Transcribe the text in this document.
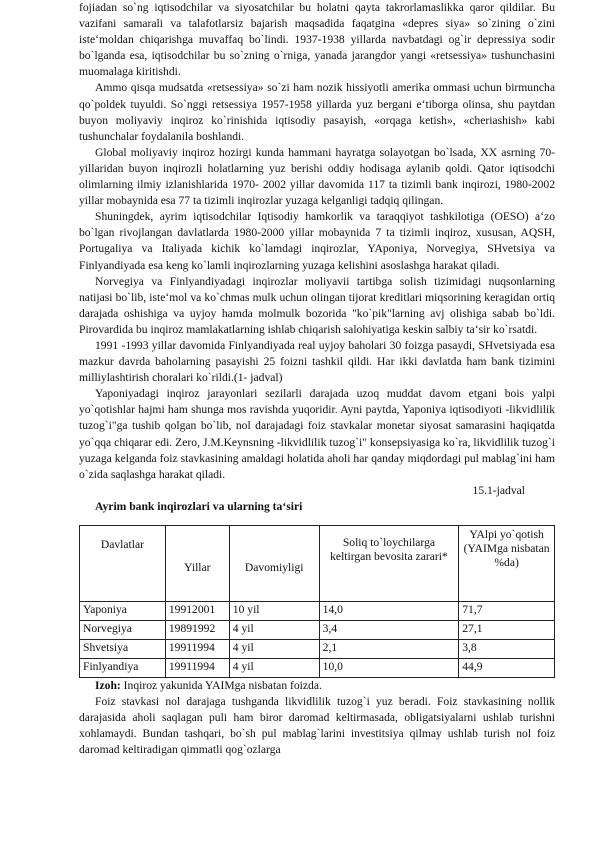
fojiadan so`ng iqtisodchilar va siyosatchilar bu holatni qayta takrorlamaslikka qaror qildilar. Bu vazifani samarali va talafotlarsiz bajarish maqsadida faqatgina «depres siya» so`zining o`zini iste‘moldan chiqarishga muvaffaq bo`lindi. 1937-1938 yillarda navbatdagi og`ir depressiya sodir bo`lganda esa, iqtisodchilar bu so`zning o`rniga, yanada jarangdor yangi «retsessiya» tushunchasini muomalaga kiritishdi.

Ammo qisqa mudsatda «retsessiya» so`zi ham nozik hissiyotli amerika ommasi uchun birmuncha qo`poldek tuyuldi. So`nggi retsessiya 1957-1958 yillarda yuz bergani e‘tiborga olinsa, shu paytdan buyon moliyaviy inqiroz ko`rinishida iqtisodiy pasayish, «orqaga ketish», «cheriashish» kabi tushunchalar foydalanila boshlandi.

Global moliyaviy inqiroz hozirgi kunda hammani hayratga solayotgan bo`lsada, XX asrning 70-yillaridan buyon inqirozli holatlarning yuz berishi oddiy hodisaga aylanib qoldi. Qator iqtisodchi olimlarning ilmiy izlanishlarida 1970- 2002 yillar davomida 117 ta tizimli bank inqirozi, 1980-2002 yillar mobaynida esa 77 ta tizimli inqirozlar yuzaga kelganligi tadqiq qilingan.

Shuningdek, ayrim iqtisodchilar Iqtisodiy hamkorlik va taraqqiyot tashkilotiga (OESO) a‘zo bo`lgan rivojlangan davlatlarda 1980-2000 yillar mobaynida 7 ta tizimli inqiroz, xususan, AQSH, Portugaliya va Italiyada kichik ko`lamdagi inqirozlar, YAponiya, Norvegiya, SHvetsiya va Finlyandiyada esa keng ko`lamli inqirozlarning yuzaga kelishini asoslashga harakat qiladi.

Norvegiya va Finlyandiyadagi inqirozlar moliyavii tartibga solish tizimidagi nuqsonlarning natijasi bo`lib, iste‘mol va ko`chmas mulk uchun olingan tijorat kreditlari miqsorining keragidan ortiq darajada oshishiga va uyjoy hamda molmulk bozorida "ko`pik"larning avj olishiga sabab bo`ldi. Pirovardida bu inqiroz mamlakatlarning ishlab chiqarish salohiyatiga keskin salbiy ta‘sir ko`rsatdi.

1991 -1993 yillar davomida Finlyandiyada real uyjoy baholari 30 foizga pasaydi, SHvetsiyada esa mazkur davrda baholarning pasayishi 25 foizni tashkil qildi. Har ikki davlatda ham bank tizimini milliylashtirish choralari ko`rildi.(1- jadval)

Yaponiyadagi inqiroz jarayonlari sezilarli darajada uzoq muddat davom etgani bois yalpi yo`qotishlar hajmi ham shunga mos ravishda yuqoridir. Ayni paytda, Yaponiya iqtisodiyoti -likvidlilik tuzog`i"ga tushib qolgan bo`lib, nol darajadagi foiz stavkalar monetar siyosat samarasini haqiqatda yo`qqa chiqarar edi. Zero, J.M.Keynsning -likvidlilik tuzog`i" konsepsiyasiga ko`ra, likvidlilik tuzog`i yuzaga kelganda foiz stavkasining amaldagi holatida aholi har qanday miqdordagi pul mablag`ini ham o`zida saqlashga harakat qiladi.

15.1-jadval
Ayrim bank inqirozlari va ularning ta‘siri
Davlatlar	Yillar	Davomiyligi	Soliq to`loychilarga keltirgan bevosita zarari*	YAlpi yo`qotish (YAIMga nisbatan %da)
Yaponiya	19912001	10 yil	14,0	71,7
Norvegiya	19891992	4 yil	3,4	27,1
Shvetsiya	19911994	4 yil	2,1	3,8
Finlyandiya	19911994	4 yil	10,0	44,9
Izoh: Inqiroz yakunida YAIMga nisbatan foizda.

Foiz stavkasi nol darajaga tushganda likvidlilik tuzog`i yuz beradi. Foiz stavkasining nollik darajasida aholi saqlagan puli ham biror daromad keltirmasada, obligatsiyalarni ushlab turishni xohlamaydi. Bundan tashqari, bo`sh pul mablag`larini investitsiya qilmay ushlab turish nol foiz daromad keltiradigan qimmatli qog`ozlarga
